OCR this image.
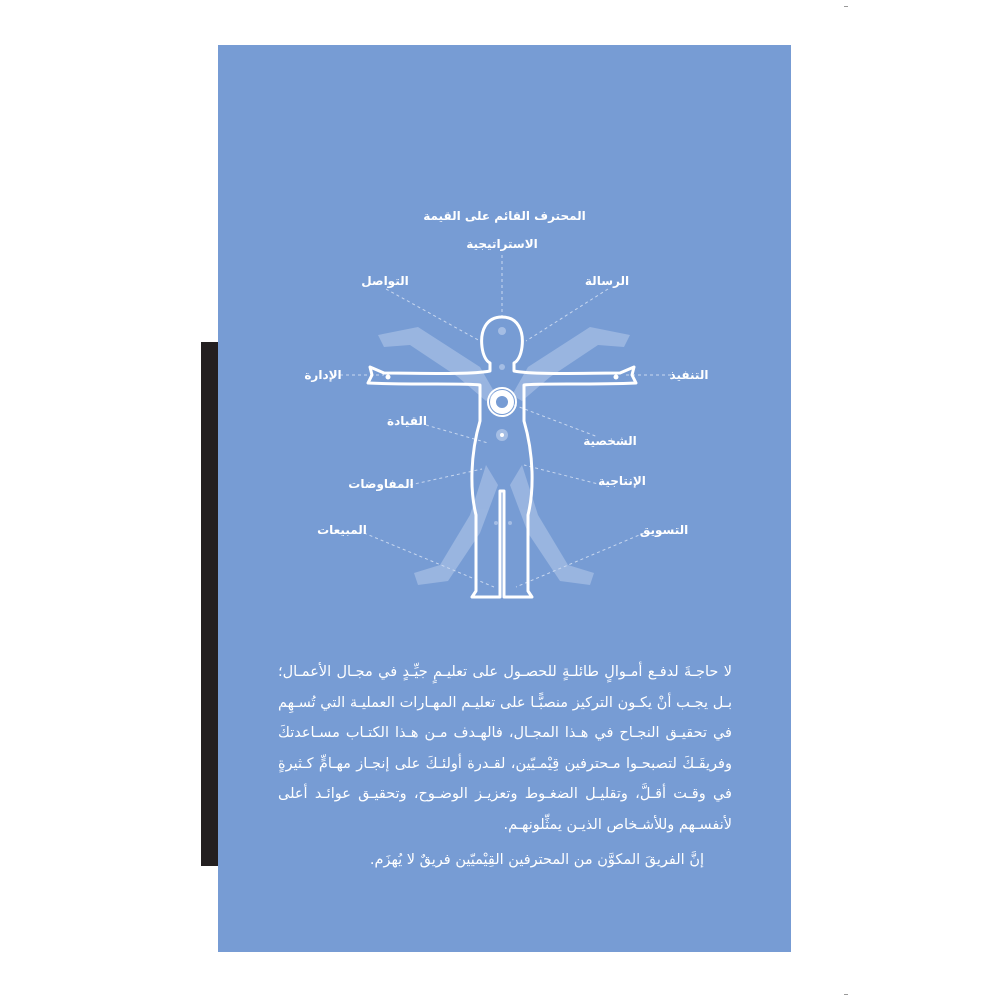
المحترف القائم على القيمة
الاستراتيجية
التواصل	الرسالة
الإدارة	التنفيذ
القيادة
الشخصية
المفاوضات	الإنتاجية
المبيعات	التسويق
لا حاجـةَ لدفـع أمـوالٍ طائلـةٍ للحصـول على تعليـمٍ جيِّـدٍ في مجـال الأعمـال؛ بـل يجـب أنْ يكـون التركيز منصبًّـا على تعليـم المهـارات العمليـة التي تُسـهِم في تحقيـق النجـاح في هـذا المجـال، فالهـدف مـن هـذا الكتـاب مسـاعدتكَ وفريقَـكَ لتصبحـوا مـحترفين قِيْمـيّين، لقـدرة أولئـكَ على إنجـاز مهـامٍّ كـثيرةٍ في وقـت أقـلَّ، وتقليـل الضغـوط وتعزيـز الوضـوح، وتحقيـق عوائـد أعلى لأنفسـهم وللأشـخاص الذيـن يمثِّلونهـم.
إنَّ الفريقَ المكوَّن من المحترفين القِيْميّين فريقٌ لا يُهزَم.
